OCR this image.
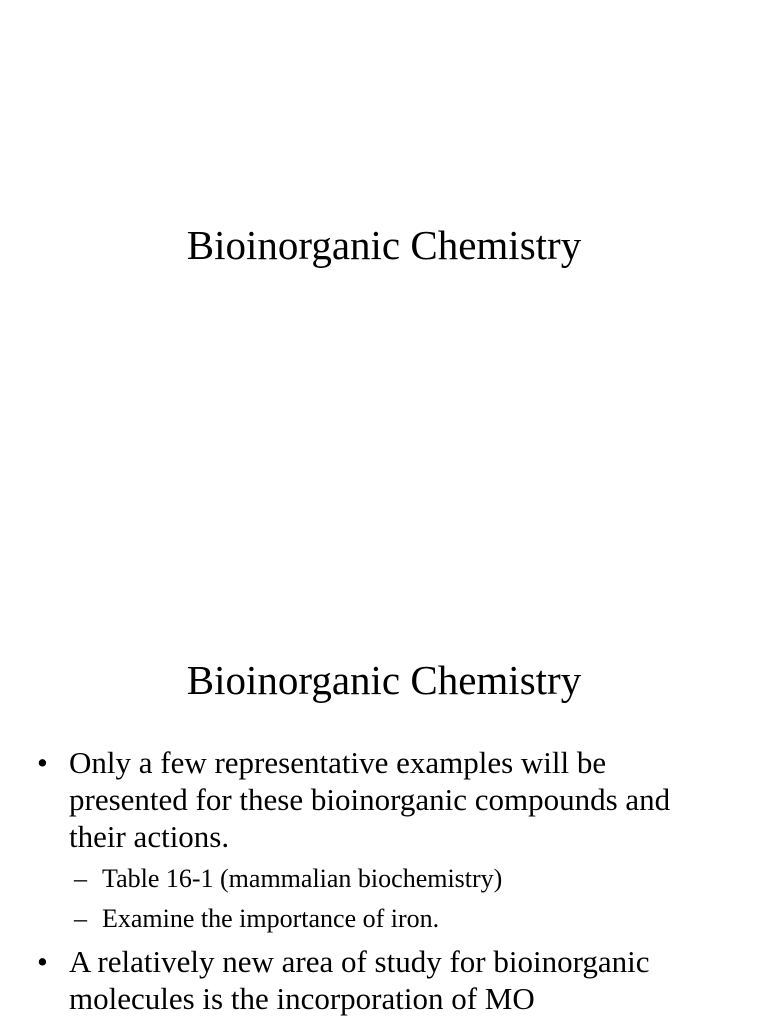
Bioinorganic Chemistry
Bioinorganic Chemistry
• Only a few representative examples will be presented for these bioinorganic compounds and their actions.
– Table 16-1 (mammalian biochemistry)
– Examine the importance of iron.
• A relatively new area of study for bioinorganic molecules is the incorporation of MO
